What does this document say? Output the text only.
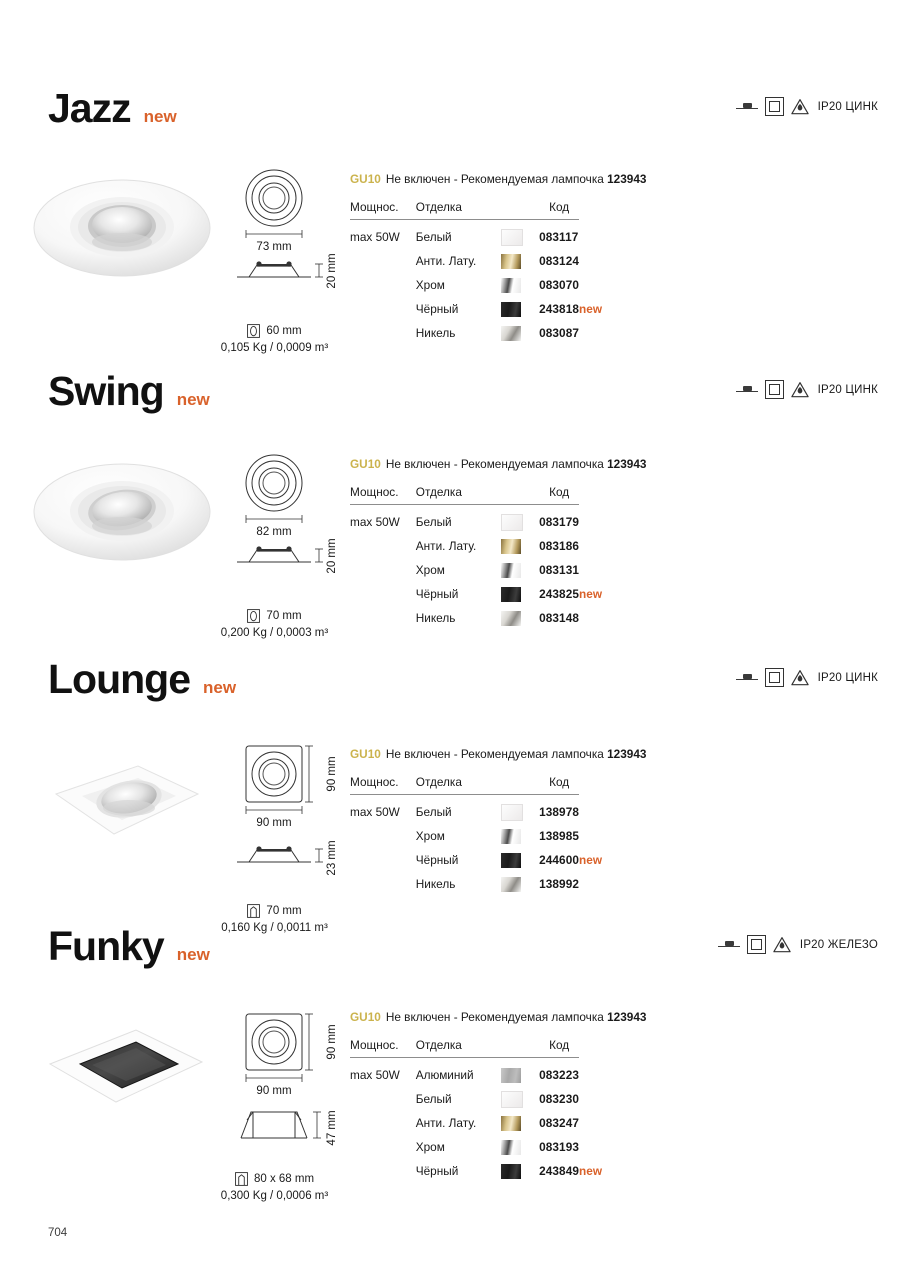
Jazz new
IP20 ЦИНК
73 mm
20 mm
60 mm
0,105 Kg / 0,0009 m³
GU10 Не включен - Рекомендуемая лампочка 123943
Мощнос.	Отделка		Код	
max 50W	Белый	083117	
	Анти. Лату.	083124	
	Хром	083070	
	Чёрный	243818	new
	Никель	083087	
Swing new
IP20 ЦИНК
82 mm
20 mm
70 mm
0,200 Kg / 0,0003 m³
GU10 Не включен - Рекомендуемая лампочка 123943
Мощнос.	Отделка		Код	
max 50W	Белый	083179	
	Анти. Лату.	083186	
	Хром	083131	
	Чёрный	243825	new
	Никель	083148	
Lounge new
IP20 ЦИНК
90 mm
90 mm
23 mm
70 mm
0,160 Kg / 0,0011 m³
GU10 Не включен - Рекомендуемая лампочка 123943
Мощнос.	Отделка		Код	
max 50W	Белый	138978	
	Хром	138985	
	Чёрный	244600	new
	Никель	138992	
Funky new
IP20 ЖЕЛЕЗО
90 mm
90 mm
47 mm
80 x 68 mm
0,300 Kg / 0,0006 m³
GU10 Не включен - Рекомендуемая лампочка 123943
Мощнос.	Отделка		Код	
max 50W	Алюминий	083223	
	Белый	083230	
	Анти. Лату.	083247	
	Хром	083193	
	Чёрный	243849	new
704
